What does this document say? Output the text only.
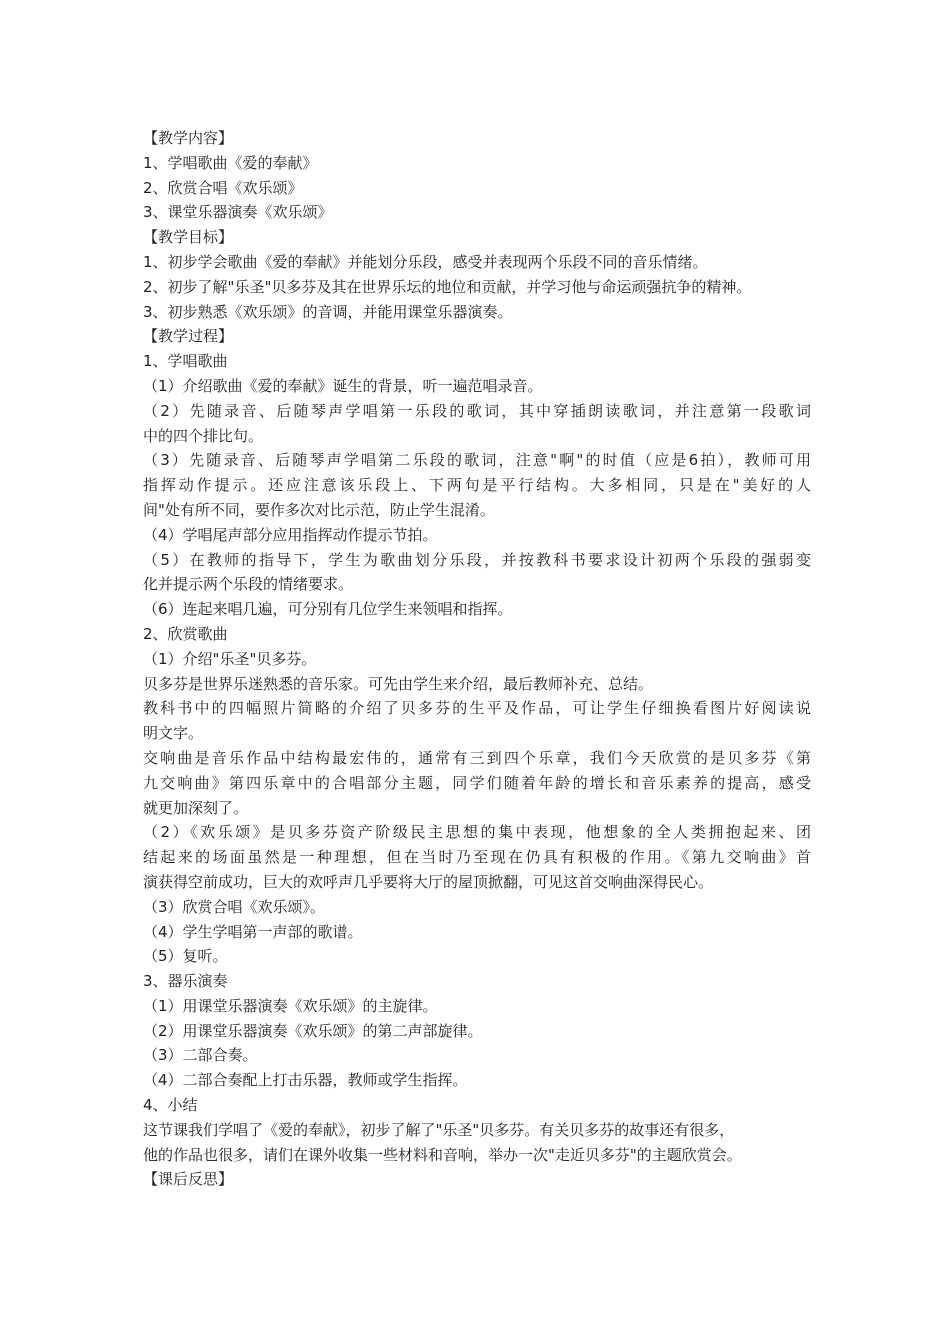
【教学内容】
1、学唱歌曲《爱的奉献》
2、欣赏合唱《欢乐颂》
3、课堂乐器演奏《欢乐颂》
【教学目标】
1、初步学会歌曲《爱的奉献》并能划分乐段，感受并表现两个乐段不同的音乐情绪。
2、初步了解"乐圣"贝多芬及其在世界乐坛的地位和贡献，并学习他与命运顽强抗争的精神。
3、初步熟悉《欢乐颂》的音调，并能用课堂乐器演奏。
【教学过程】
1、学唱歌曲
（1）介绍歌曲《爱的奉献》诞生的背景，听一遍范唱录音。
（2）先随录音、后随琴声学唱第一乐段的歌词，其中穿插朗读歌词，并注意第一段歌词
中的四个排比句。
（3）先随录音、后随琴声学唱第二乐段的歌词，注意"啊"的时值（应是6拍），教师可用
指挥动作提示。还应注意该乐段上、下两句是平行结构。大多相同，只是在"美好的人
间"处有所不同，要作多次对比示范，防止学生混淆。
（4）学唱尾声部分应用指挥动作提示节拍。
（5）在教师的指导下，学生为歌曲划分乐段，并按教科书要求设计初两个乐段的强弱变
化并提示两个乐段的情绪要求。
（6）连起来唱几遍，可分别有几位学生来领唱和指挥。
2、欣赏歌曲
（1）介绍"乐圣"贝多芬。
贝多芬是世界乐迷熟悉的音乐家。可先由学生来介绍，最后教师补充、总结。
教科书中的四幅照片简略的介绍了贝多芬的生平及作品，可让学生仔细换看图片好阅读说
明文字。
交响曲是音乐作品中结构最宏伟的，通常有三到四个乐章，我们今天欣赏的是贝多芬《第
九交响曲》第四乐章中的合唱部分主题，同学们随着年龄的增长和音乐素养的提高，感受
就更加深刻了。
（2）《欢乐颂》是贝多芬资产阶级民主思想的集中表现，他想象的全人类拥抱起来、团
结起来的场面虽然是一种理想，但在当时乃至现在仍具有积极的作用。《第九交响曲》首
演获得空前成功，巨大的欢呼声几乎要将大厅的屋顶掀翻，可见这首交响曲深得民心。
（3）欣赏合唱《欢乐颂》。
（4）学生学唱第一声部的歌谱。
（5）复听。
3、器乐演奏
（1）用课堂乐器演奏《欢乐颂》的主旋律。
（2）用课堂乐器演奏《欢乐颂》的第二声部旋律。
（3）二部合奏。
（4）二部合奏配上打击乐器，教师或学生指挥。
4、小结
这节课我们学唱了《爱的奉献》，初步了解了"乐圣"贝多芬。有关贝多芬的故事还有很多，
他的作品也很多，请们在课外收集一些材料和音响，举办一次"走近贝多芬"的主题欣赏会。
【课后反思】
